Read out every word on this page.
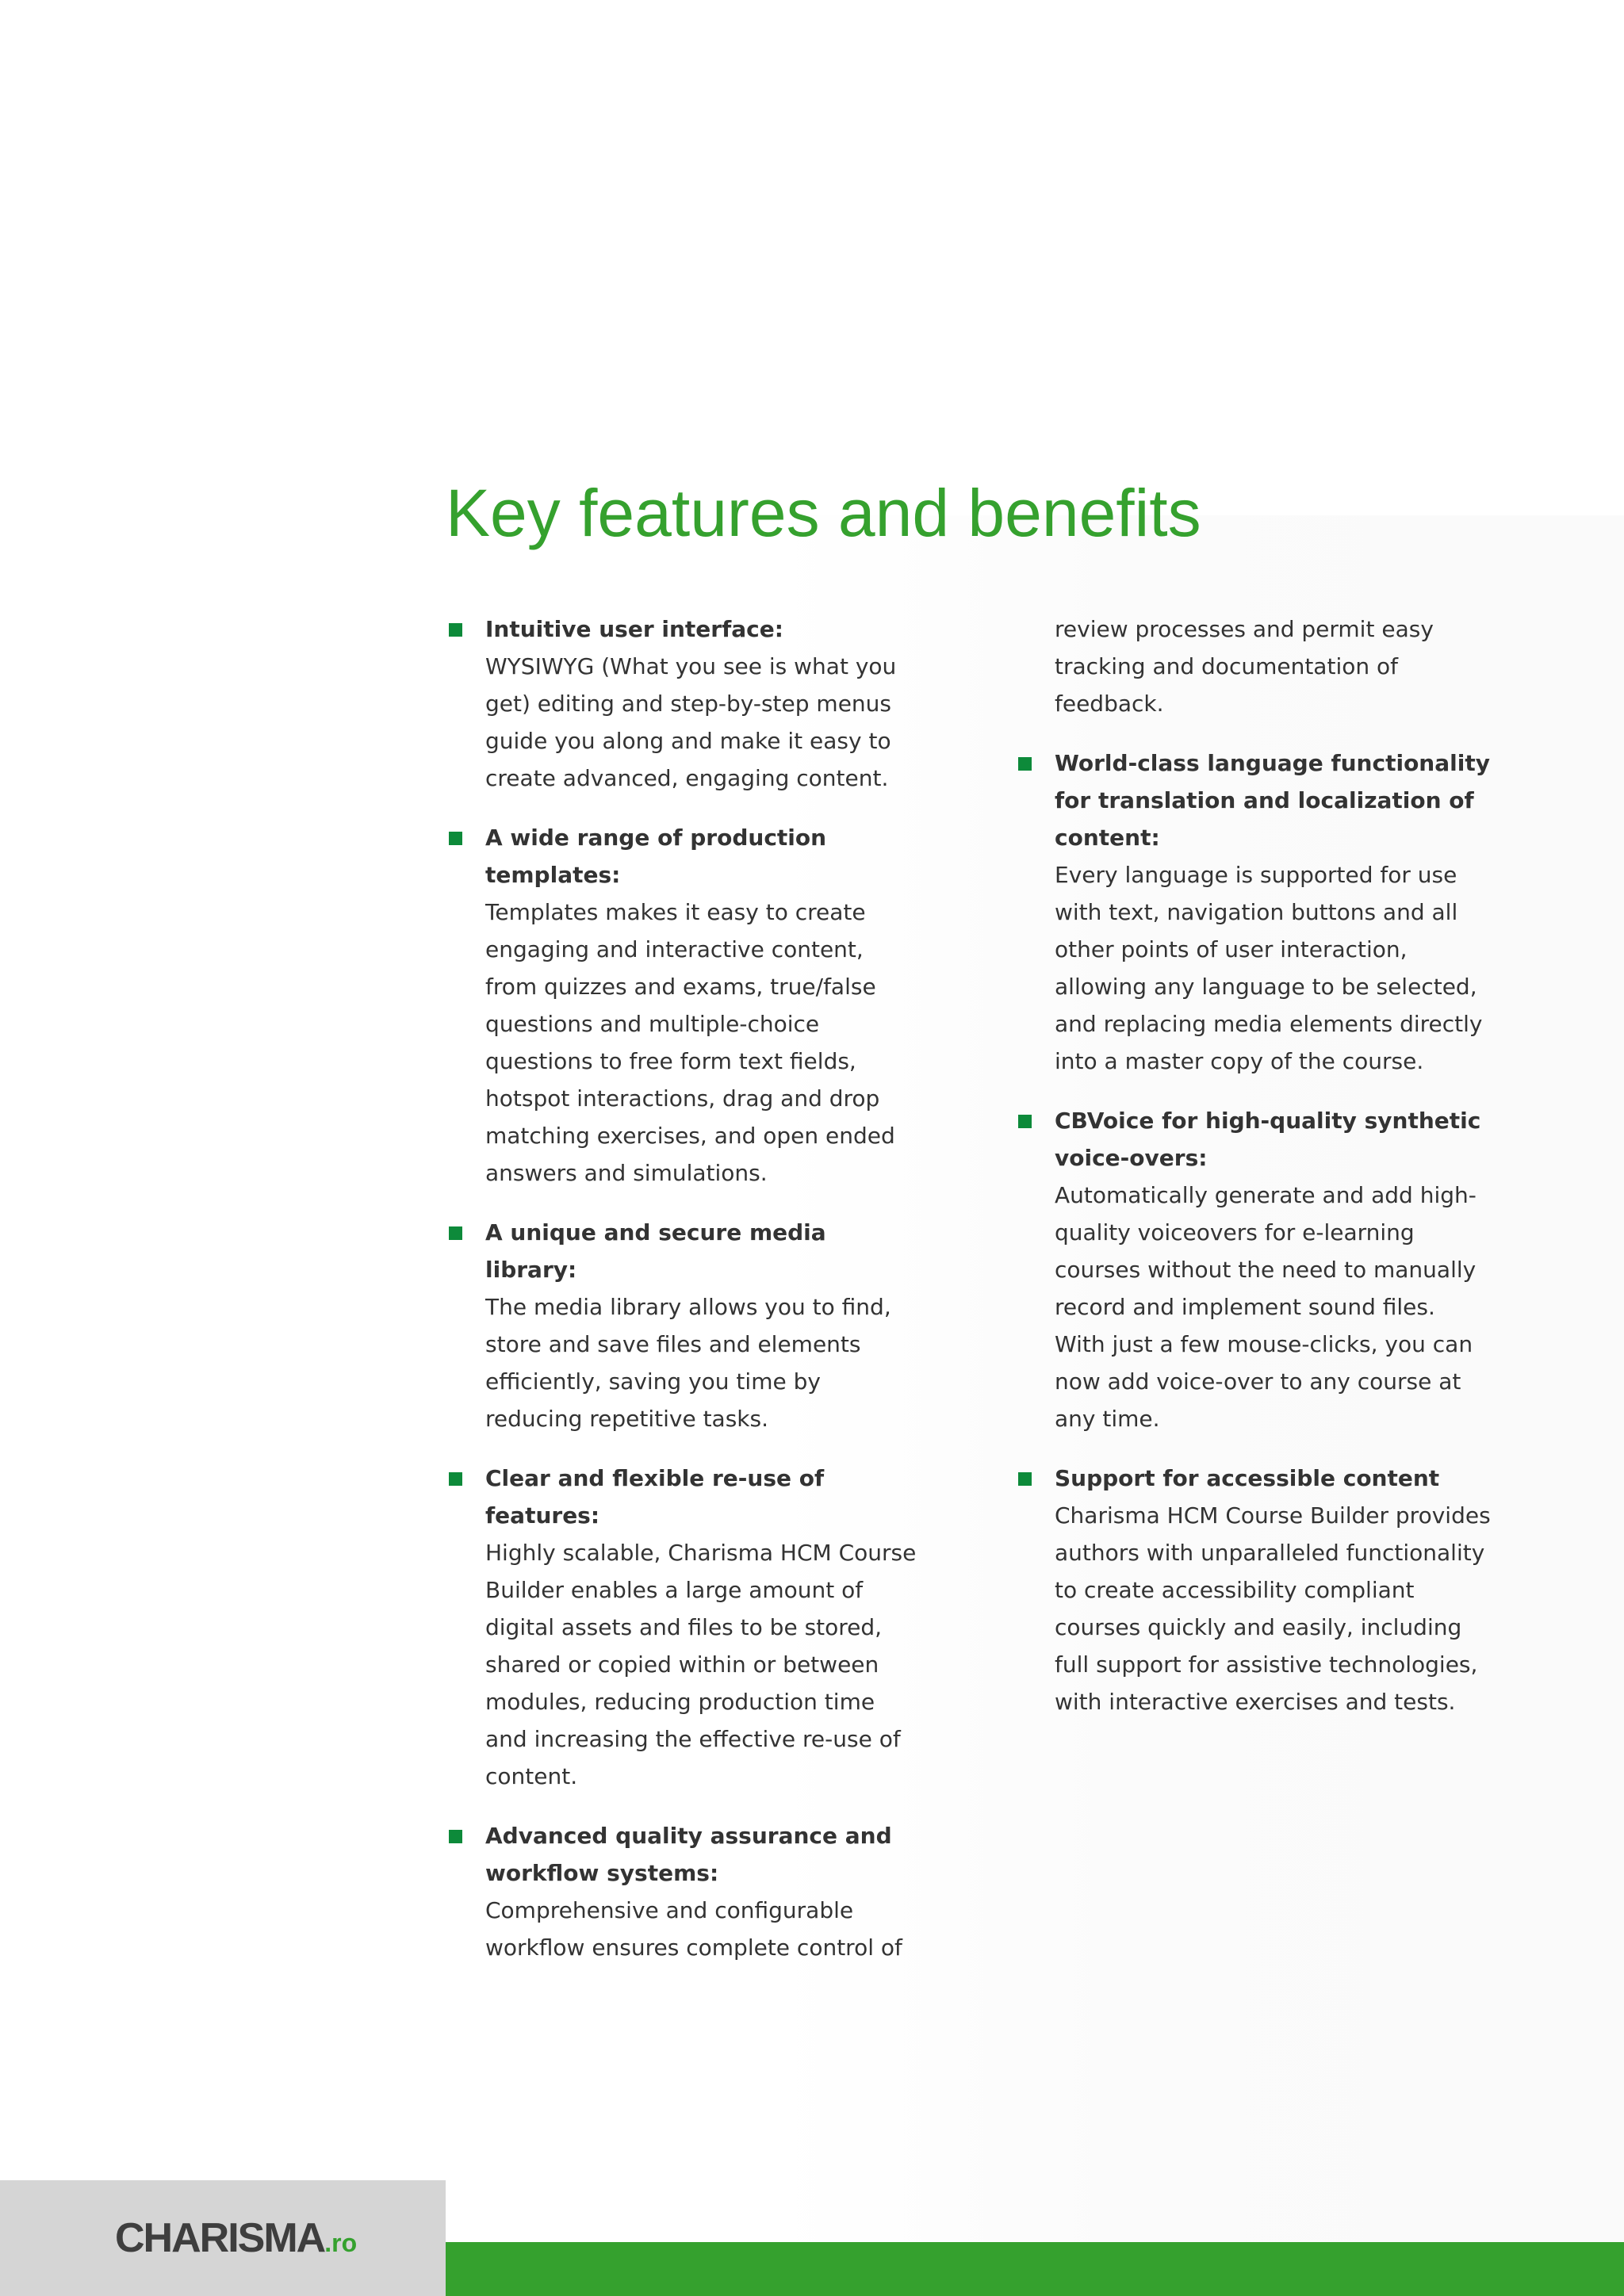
Key features and benefits
Intuitive user interface:
WYSIWYG (What you see is what you get) editing and step-by-step menus guide you along and make it easy to create advanced, engaging content.
A wide range of production templates:
Templates makes it easy to create engaging and interactive content, from quizzes and exams, true/false questions and multiple-choice questions to free form text fields, hotspot interactions, drag and drop matching exercises, and open ended answers and simulations.
A unique and secure media library:
The media library allows you to find, store and save files and elements efficiently, saving you time by reducing repetitive tasks.
Clear and flexible re-use of features:
Highly scalable, Charisma HCM Course Builder enables a large amount of digital assets and files to be stored, shared or copied within or between modules, reducing production time and increasing the effective re-use of content.
Advanced quality assurance and workflow systems:
Comprehensive and configurable workflow ensures complete control of
review processes and permit easy tracking and documentation of feedback.
World-class language functionality for translation and localization of content:
Every language is supported for use with text, navigation buttons and all other points of user interaction, allowing any language to be selected, and replacing media elements directly into a master copy of the course.
CBVoice for high-quality synthetic voice-overs:
Automatically generate and add high-quality voiceovers for e-learning courses without the need to manually record and implement sound files. With just a few mouse-clicks, you can now add voice-over to any course at any time.
Support for accessible content
Charisma HCM Course Builder provides authors with unparalleled functionality to create accessibility compliant courses quickly and easily, including full support for assistive technologies, with interactive exercises and tests.
CHARISMA.ro
